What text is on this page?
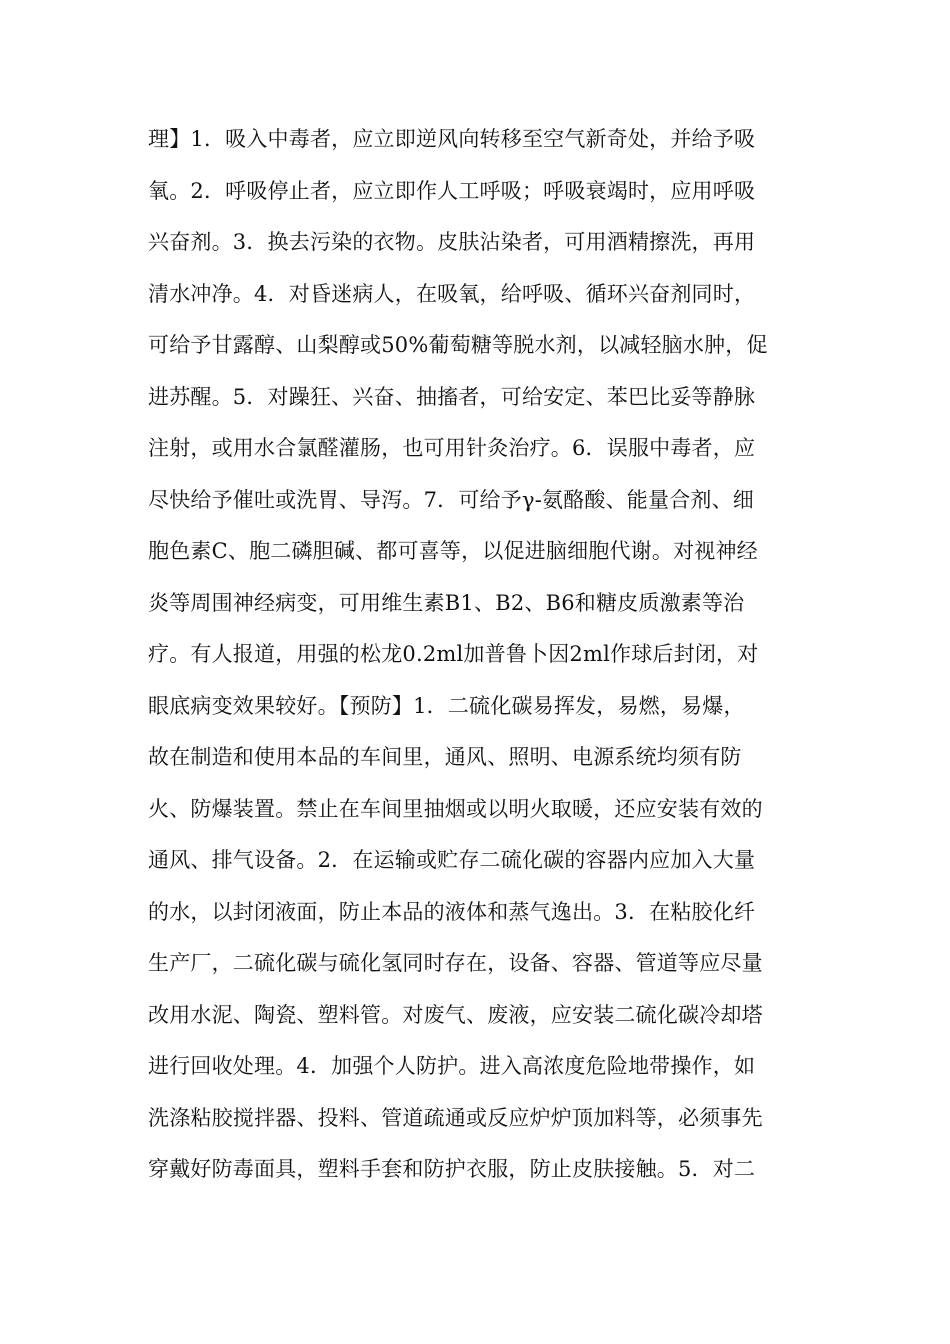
理】1．吸入中毒者，应立即逆风向转移至空气新奇处，并给予吸
氧。2．呼吸停止者，应立即作人工呼吸；呼吸衰竭时，应用呼吸
兴奋剂。3．换去污染的衣物。皮肤沾染者，可用酒精擦洗，再用
清水冲净。4．对昏迷病人，在吸氧，给呼吸、循环兴奋剂同时，
可给予甘露醇、山梨醇或50%葡萄糖等脱水剂，以减轻脑水肿，促
进苏醒。5．对躁狂、兴奋、抽搐者，可给安定、苯巴比妥等静脉
注射，或用水合氯醛灌肠，也可用针灸治疗。6．误服中毒者，应
尽快给予催吐或洗胃、导泻。7．可给予γ-氨酪酸、能量合剂、细
胞色素C、胞二磷胆碱、都可喜等，以促进脑细胞代谢。对视神经
炎等周围神经病变，可用维生素B1、B2、B6和糖皮质激素等治
疗。有人报道，用强的松龙0.2ml加普鲁卜因2ml作球后封闭，对
眼底病变效果较好。【预防】1．二硫化碳易挥发，易燃，易爆，
故在制造和使用本品的车间里，通风、照明、电源系统均须有防
火、防爆装置。禁止在车间里抽烟或以明火取暖，还应安装有效的
通风、排气设备。2．在运输或贮存二硫化碳的容器内应加入大量
的水，以封闭液面，防止本品的液体和蒸气逸出。3．在粘胶化纤
生产厂，二硫化碳与硫化氢同时存在，设备、容器、管道等应尽量
改用水泥、陶瓷、塑料管。对废气、废液，应安装二硫化碳冷却塔
进行回收处理。4．加强个人防护。进入高浓度危险地带操作，如
洗涤粘胶搅拌器、投料、管道疏通或反应炉炉顶加料等，必须事先
穿戴好防毒面具，塑料手套和防护衣服，防止皮肤接触。5．对二
